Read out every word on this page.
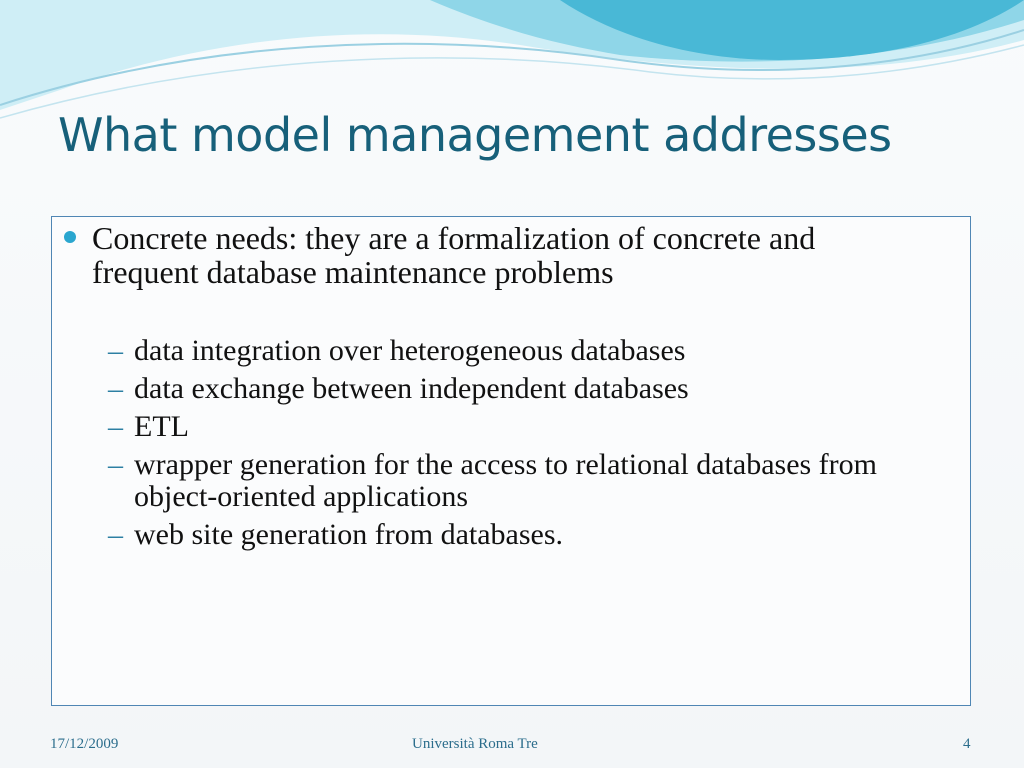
What model management addresses
Concrete needs: they are a formalization of concrete and frequent database maintenance problems
– data integration over heterogeneous databases
– data exchange between independent databases
– ETL
– wrapper generation for the access to relational databases from object-oriented applications
– web site generation from databases.
17/12/2009	Università Roma Tre	4
